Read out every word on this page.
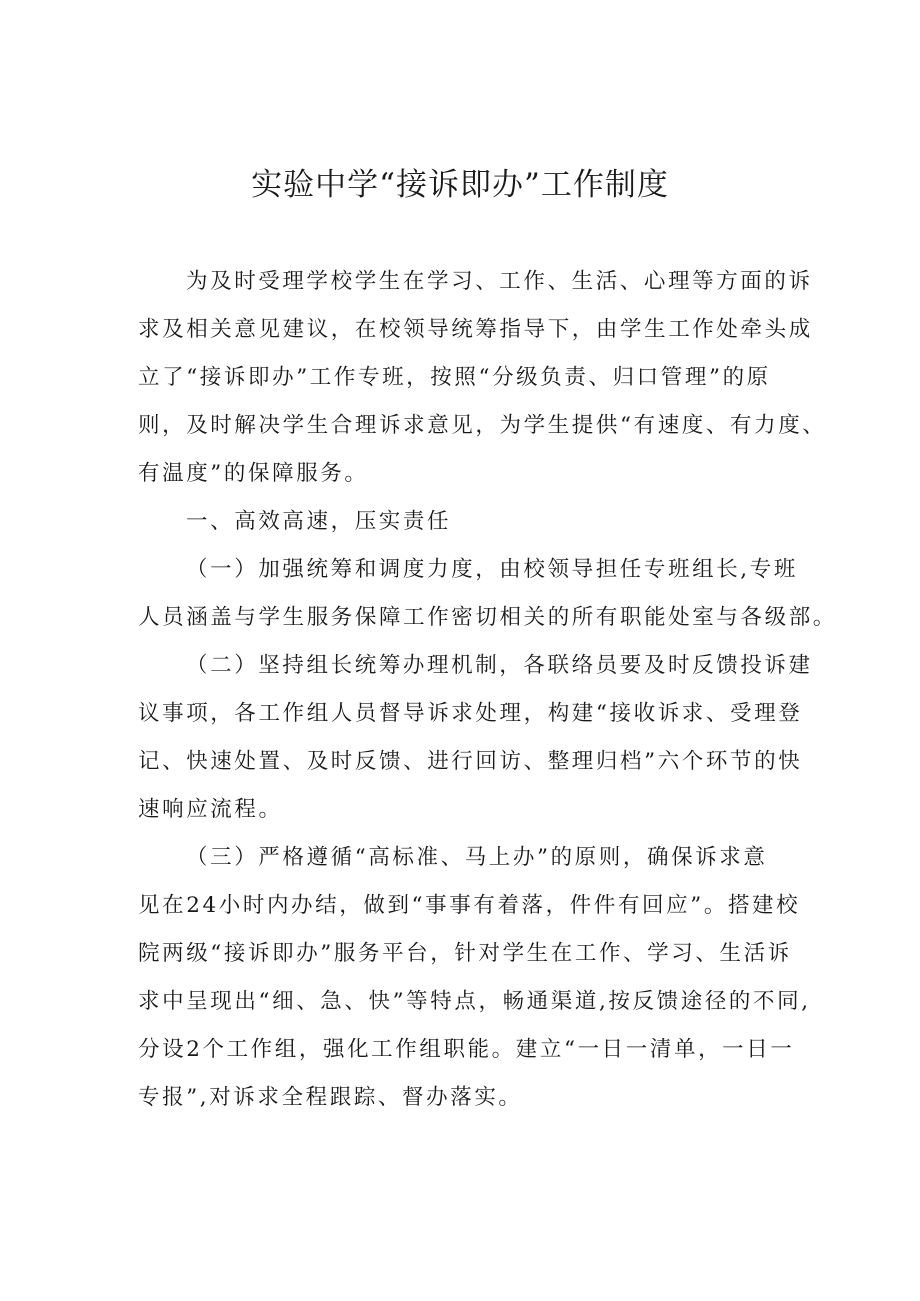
实验中学“接诉即办”工作制度
为及时受理学校学生在学习、工作、生活、心理等方面的诉
求及相关意见建议，在校领导统筹指导下，由学生工作处牵头成
立了“接诉即办”工作专班，按照“分级负责、归口管理”的原
则，及时解决学生合理诉求意见，为学生提供“有速度、有力度、
有温度”的保障服务。
一、高效高速，压实责任
（一）加强统筹和调度力度，由校领导担任专班组长,专班
人员涵盖与学生服务保障工作密切相关的所有职能处室与各级部。
（二）坚持组长统筹办理机制，各联络员要及时反馈投诉建
议事项，各工作组人员督导诉求处理，构建“接收诉求、受理登
记、快速处置、及时反馈、进行回访、整理归档”六个环节的快
速响应流程。
（三）严格遵循“高标准、马上办”的原则，确保诉求意
见在24小时内办结，做到“事事有着落，件件有回应”。搭建校
院两级“接诉即办”服务平台，针对学生在工作、学习、生活诉
求中呈现出“细、急、快”等特点，畅通渠道,按反馈途径的不同,
分设2个工作组，强化工作组职能。建立“一日一清单，一日一
专报”,对诉求全程跟踪、督办落实。
